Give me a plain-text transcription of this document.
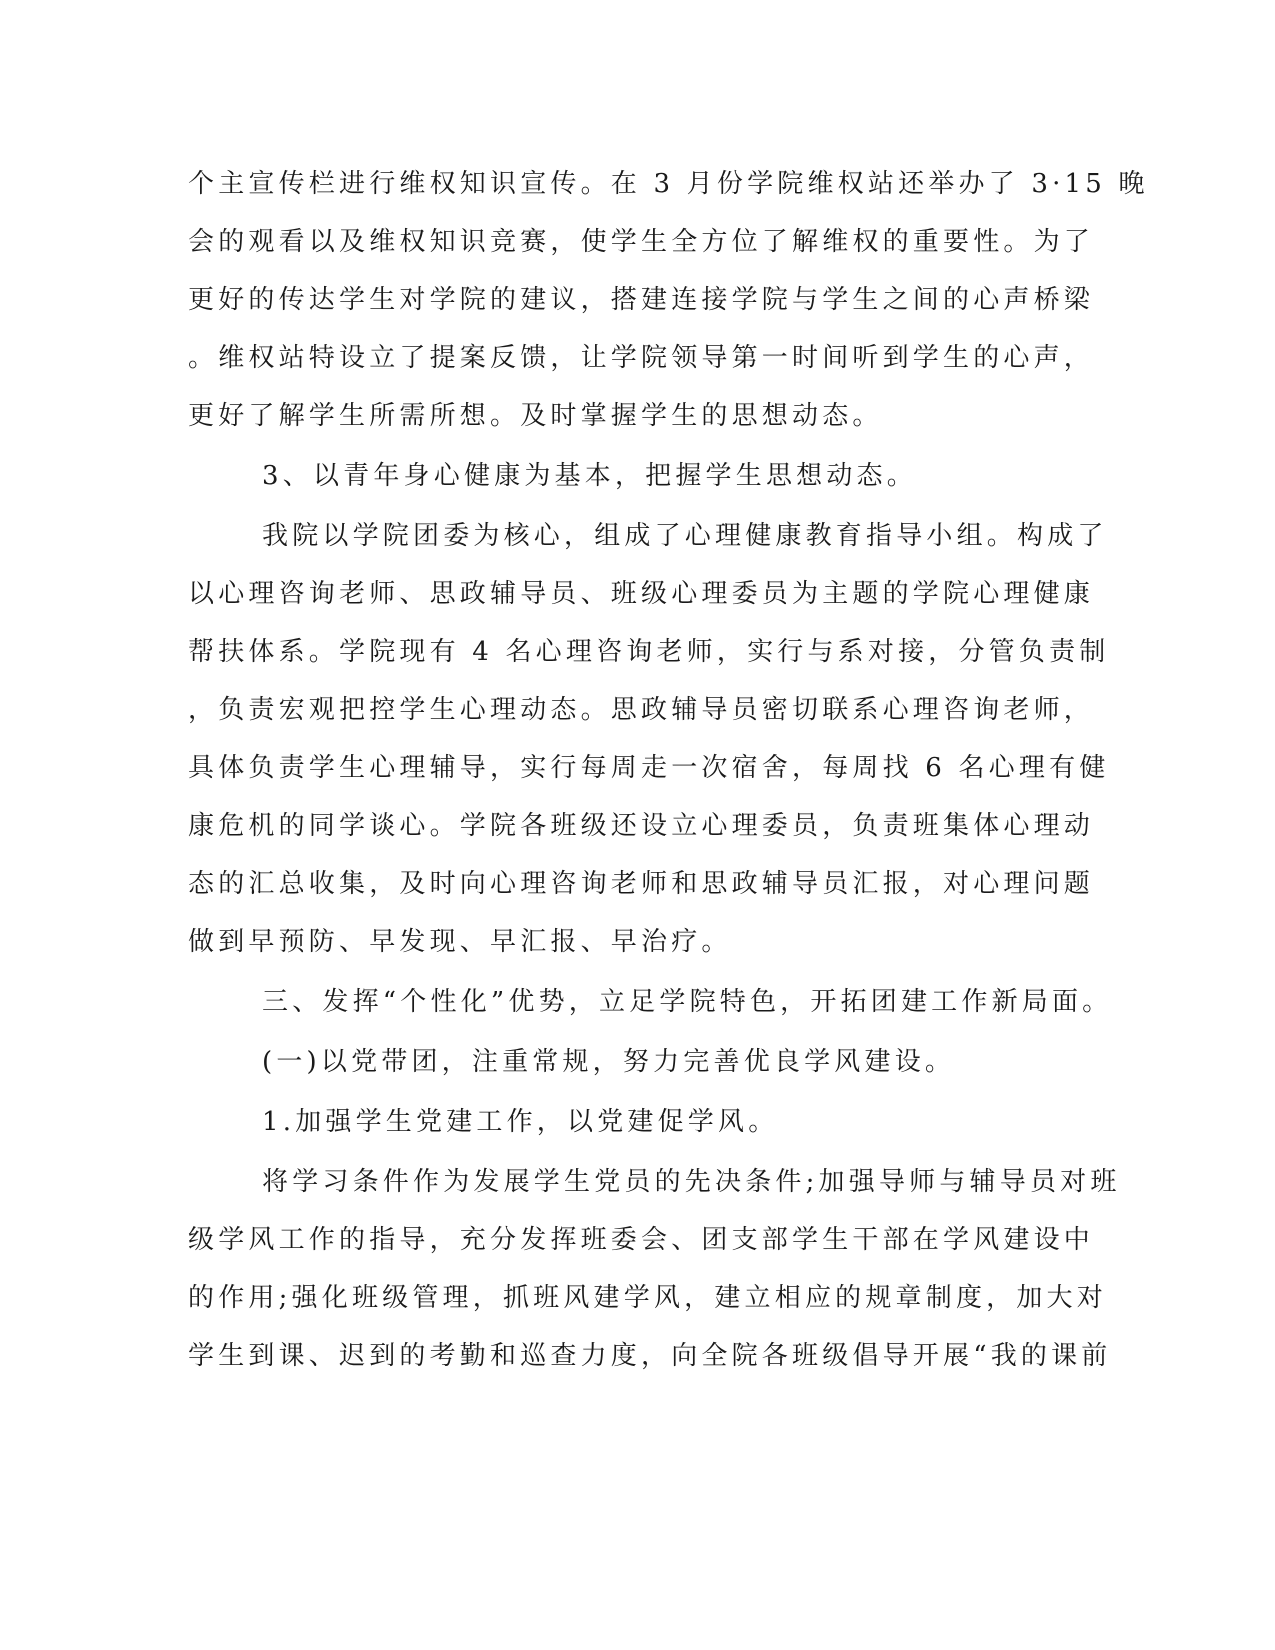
个主宣传栏进行维权知识宣传。在 3 月份学院维权站还举办了 3·15 晚
会的观看以及维权知识竞赛，使学生全方位了解维权的重要性。为了
更好的传达学生对学院的建议，搭建连接学院与学生之间的心声桥梁
。维权站特设立了提案反馈，让学院领导第一时间听到学生的心声，
更好了解学生所需所想。及时掌握学生的思想动态。
3、以青年身心健康为基本，把握学生思想动态。
我院以学院团委为核心，组成了心理健康教育指导小组。构成了
以心理咨询老师、思政辅导员、班级心理委员为主题的学院心理健康
帮扶体系。学院现有 4 名心理咨询老师，实行与系对接，分管负责制
，负责宏观把控学生心理动态。思政辅导员密切联系心理咨询老师，
具体负责学生心理辅导，实行每周走一次宿舍，每周找 6 名心理有健
康危机的同学谈心。学院各班级还设立心理委员，负责班集体心理动
态的汇总收集，及时向心理咨询老师和思政辅导员汇报，对心理问题
做到早预防、早发现、早汇报、早治疗。
三、发挥“个性化”优势，立足学院特色，开拓团建工作新局面。
(一)以党带团，注重常规，努力完善优良学风建设。
1.加强学生党建工作，以党建促学风。
将学习条件作为发展学生党员的先决条件;加强导师与辅导员对班
级学风工作的指导，充分发挥班委会、团支部学生干部在学风建设中
的作用;强化班级管理，抓班风建学风，建立相应的规章制度，加大对
学生到课、迟到的考勤和巡查力度，向全院各班级倡导开展“我的课前
